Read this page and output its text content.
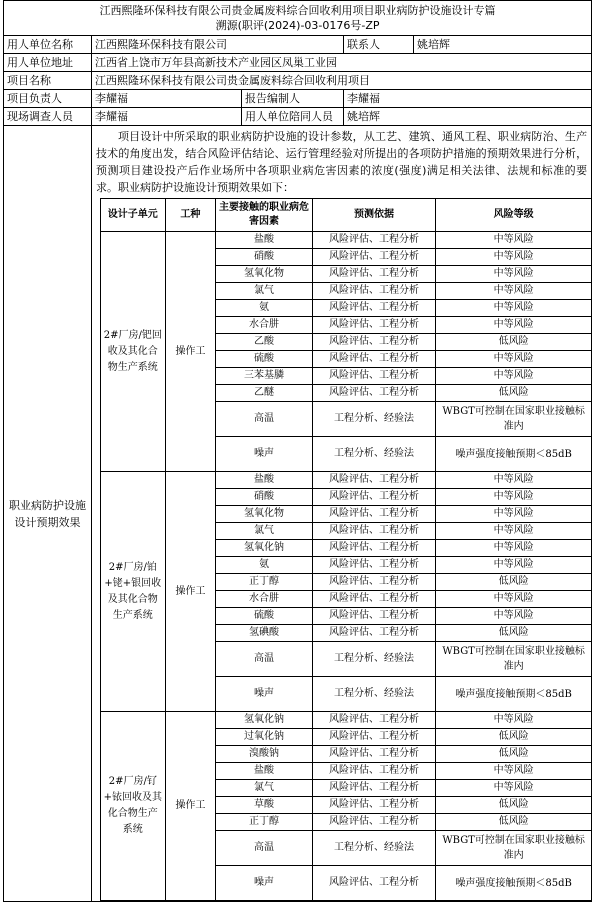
江西熙隆环保科技有限公司贵金属废料综合回收利用项目职业病防护设施设计专篇
溯源(职评(2024)-03-0176号-ZP

用人单位名称	江西熙隆环保科技有限公司	联系人	姚培辉
用人单位地址	江西省上饶市万年县高新技术产业园区凤巢工业园
项目名称	江西熙隆环保科技有限公司贵金属废料综合回收利用项目
项目负责人	李耀福	报告编制人	李耀福
现场调查人员	李耀福	用人单位陪同人员	姚培辉
职业病防护设施设计预期效果	
项目设计中所采取的职业病防护设施的设计参数，从工艺、建筑、通风工程、职业病防治、生产技术的角度出发，结合风险评估结论、运行管理经验对所提出的各项防护措施的预期效果进行分析，预测项目建设投产后作业场所中各项职业病危害因素的浓度(强度)满足相关法律、法规和标准的要求。职业病防护设施设计预期效果如下：
设计子单元	工种	主要接触的职业病危害因素	预测依据	风险等级
2#厂房/钯回收及其化合物生产系统	操作工	盐酸	风险评估、工程分析	中等风险
硝酸	风险评估、工程分析	中等风险
氢氧化物	风险评估、工程分析	中等风险
氯气	风险评估、工程分析	中等风险
氨	风险评估、工程分析	中等风险
水合肼	风险评估、工程分析	中等风险
乙酸	风险评估、工程分析	低风险
硫酸	风险评估、工程分析	中等风险
三苯基膦	风险评估、工程分析	中等风险
乙醚	风险评估、工程分析	低风险
高温	工程分析、经验法	WBGT可控制在国家职业接触标准内
噪声	工程分析、经验法	噪声强度接触预期＜85dB
2#厂房/铂+铑+银回收及其化合物生产系统	操作工	盐酸	风险评估、工程分析	中等风险
硝酸	风险评估、工程分析	中等风险
氢氧化物	风险评估、工程分析	中等风险
氯气	风险评估、工程分析	中等风险
氢氧化钠	风险评估、工程分析	中等风险
氨	风险评估、工程分析	中等风险
正丁醇	风险评估、工程分析	低风险
水合肼	风险评估、工程分析	中等风险
硫酸	风险评估、工程分析	中等风险
氢碘酸	风险评估、工程分析	低风险
高温	工程分析、经验法	WBGT可控制在国家职业接触标准内
噪声	工程分析、经验法	噪声强度接触预期＜85dB
2#厂房/钌+铱回收及其化合物生产系统	操作工	氢氧化钠	风险评估、工程分析	中等风险
过氧化钠	风险评估、工程分析	低风险
溴酸钠	风险评估、工程分析	低风险
盐酸	风险评估、工程分析	中等风险
氯气	风险评估、工程分析	中等风险
草酸	风险评估、工程分析	低风险
正丁醇	风险评估、工程分析	低风险
高温	工程分析、经验法	WBGT可控制在国家职业接触标准内
噪声	风险评估、工程分析	噪声强度接触预期＜85dB
